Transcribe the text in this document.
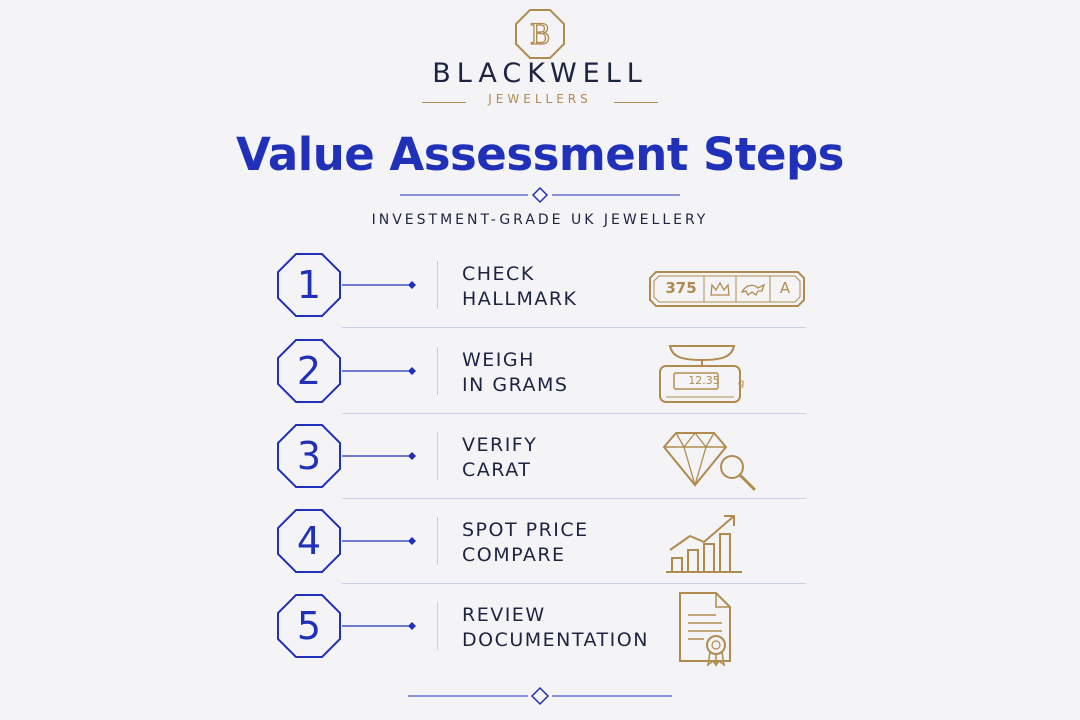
B
BLACKWELL
JEWELLERS
Value Assessment Steps
INVESTMENT-GRADE UK JEWELLERY
1	CHECK
HALLMARK	375	A
2	WEIGH
IN GRAMS	12.35	g
3	VERIFY
CARAT
4	SPOT PRICE
COMPARE
5	REVIEW
DOCUMENTATION
